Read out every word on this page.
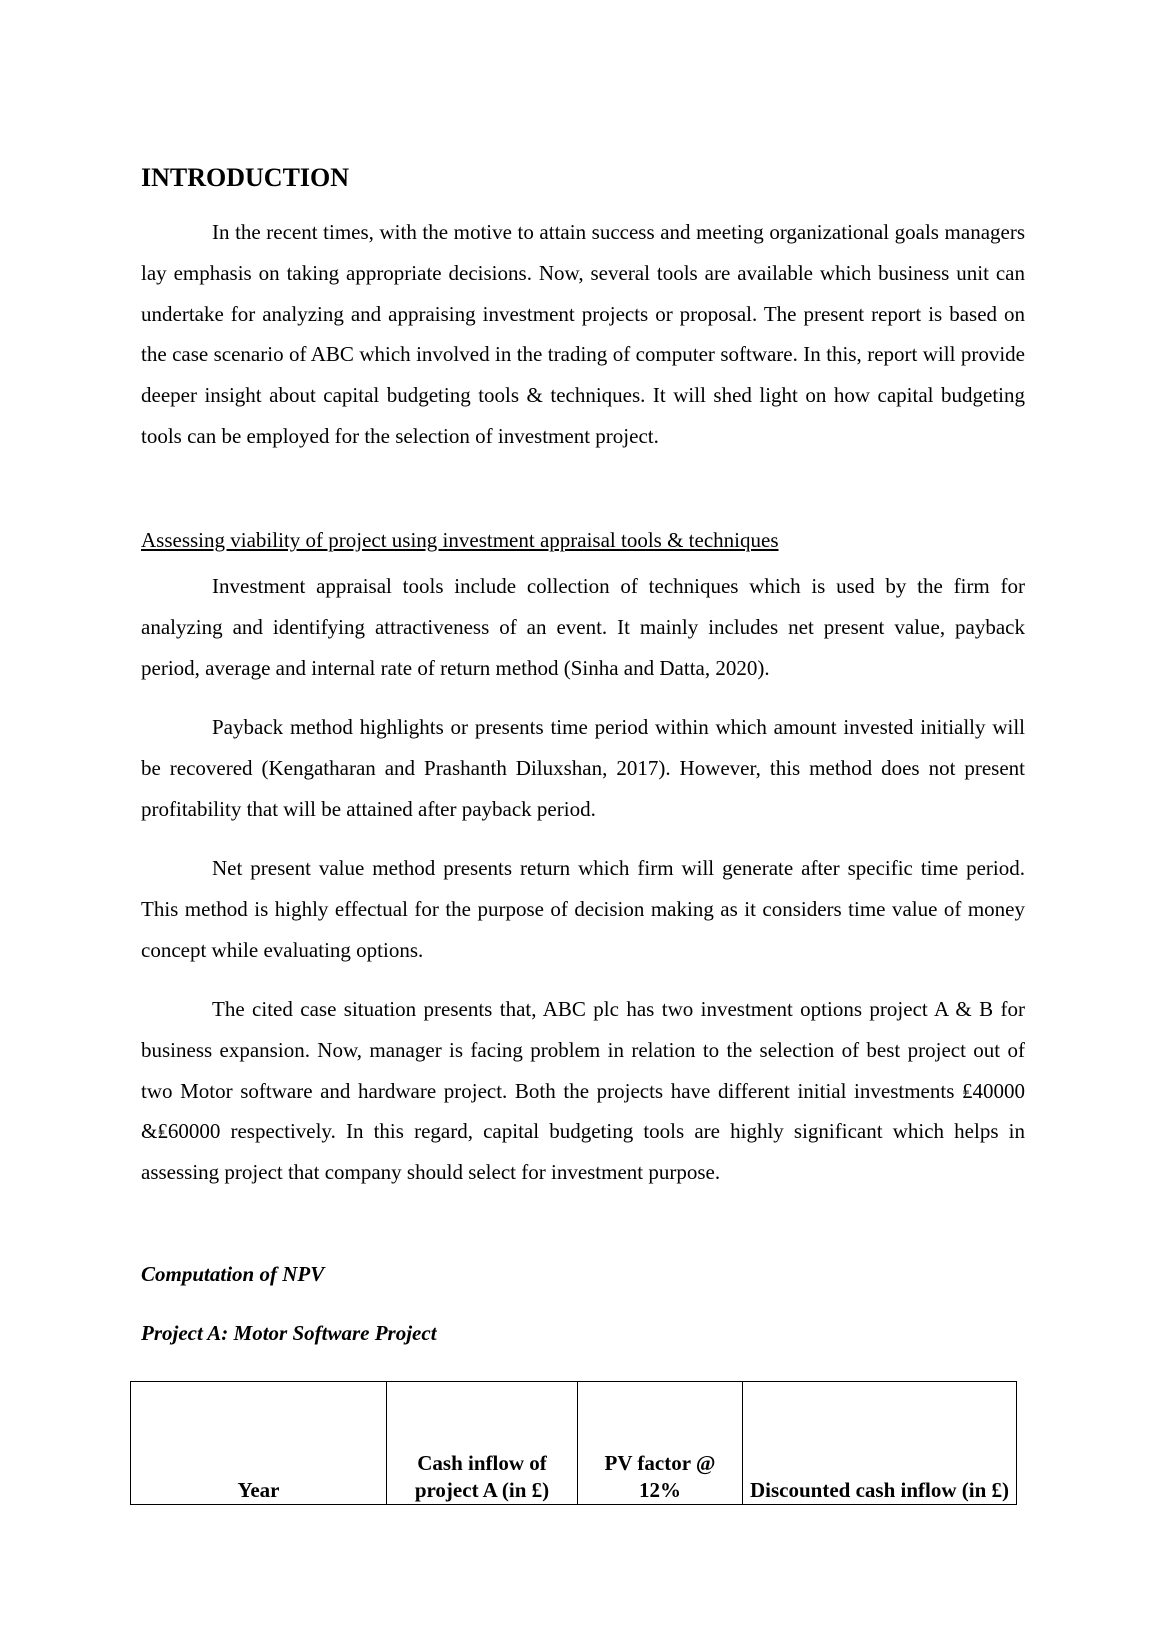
INTRODUCTION

In the recent times, with the motive to attain success and meeting organizational goals managers lay emphasis on taking appropriate decisions. Now, several tools are available which business unit can undertake for analyzing and appraising investment projects or proposal. The present report is based on the case scenario of ABC which involved in the trading of computer software. In this, report will provide deeper insight about capital budgeting tools & techniques. It will shed light on how capital budgeting tools can be employed for the selection of investment project.

Assessing viability of project using investment appraisal tools & techniques

Investment appraisal tools include collection of techniques which is used by the firm for analyzing and identifying attractiveness of an event. It mainly includes net present value, payback period, average and internal rate of return method (Sinha and Datta, 2020).

Payback method highlights or presents time period within which amount invested initially will be recovered (Kengatharan and Prashanth Diluxshan, 2017). However, this method does not present profitability that will be attained after payback period.

Net present value method presents return which firm will generate after specific time period. This method is highly effectual for the purpose of decision making as it considers time value of money concept while evaluating options.

The cited case situation presents that, ABC plc has two investment options project A & B for business expansion. Now, manager is facing problem in relation to the selection of best project out of two Motor software and hardware project. Both the projects have different initial investments ₤40000 &₤60000 respectively. In this regard, capital budgeting tools are highly significant which helps in assessing project that company should select for investment purpose.

Computation of NPV

Project A: Motor Software Project

Year	Cash inflow of project A (in £)	PV factor @ 12%	Discounted cash inflow (in £)
